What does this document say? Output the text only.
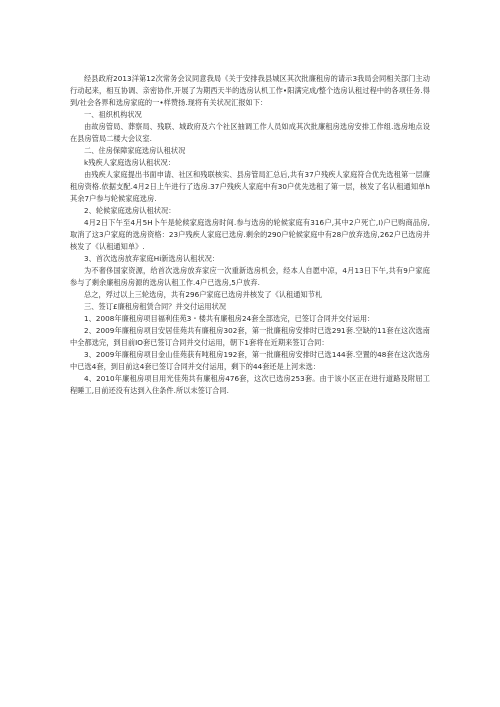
经县政府2013洋第12次常务会议同意我局《关于安排我县城区其次批廉租房的请示3我局会同相关部门主动行动起来，相互协调、亲密协作,开展了为期西天半的选房认机工作•阳满完成/整个选房认租过程中的各项任务.得到/社会各界和选房家庭的一•样赞扬.现将有关状况汇报如下：

一、祖织机构状况

由故房管局、葬察局、残联、城政府及六个社区抽调工作人员如成其次批廉租房选房安排工作组.选房地点设在县房管局二楼大会议室.

二、住房保障家庭选房认租状况

k残疾人家庭选房认租状况：

由残疾人家庭提出书面申请、社区和残联核实、县房管局汇总后,共有37户残疾人家庭符合优先选租第一层廉租房资格.依据支配.4月2日上午进行了选房.37户残疾人家庭中有30户优先选租了第一层，核发了名认租通知单h其余7户参与轮候家庭选房.

2、轮候家庭选房认租状况：

4月2日下午至4月5H卜午是轮候家庭选房时间.参与选房的轮候家庭有316户,其中2户死亡,I)户已购商品房,取消了这3户家庭的选房资格：23户残疾人家庭已选房.剩余的290户轮候家庭中有28户放弃选房,262户已选房并核发了《认租通知单》.

3、首次选房放弃家庭Hi新选房认租状况：

为不奢侈国家资源，给首次选房放弃家应一次重新选房机会，经本人自愿中凉，4月13日下午,共有9户家庭参与了剩余廉租房房源的选房认租工作.4户已选房,5户放弃.

总之，殍过以上三轮选房，共有296户家庭已选房并核发了《认租通知节札

三、签订£廉租房租赁合同？并交付运用状况

1、2008年廉租房项目福利佳苑3・楼共有廉租房24套全部选完，已签订合同并交付运用：

2、2009年廉租房项目安居佳苑共有廉租房302套，第一批廉租房安排时已选291套.空缺的11套在这次选南中全都选完，到目前IO套已签订合同并交付运用，朝下1套将在近期来签订合同：

3、2009年廉租房项目金山佳苑获有吨租房192套，第一批廉租房安排时已选144套.空置的48套在这次选房中已选4套，到目前这4套已签订合同并交付运用，剩下的44套还是上河未选：

4、2010年廉租房项目用光佳苑共有廉租房476套，这次已选房253套。由于该小区正在进行道路及附屈工程睡工,目前还没有达到入住条件.所以未签订合同.
